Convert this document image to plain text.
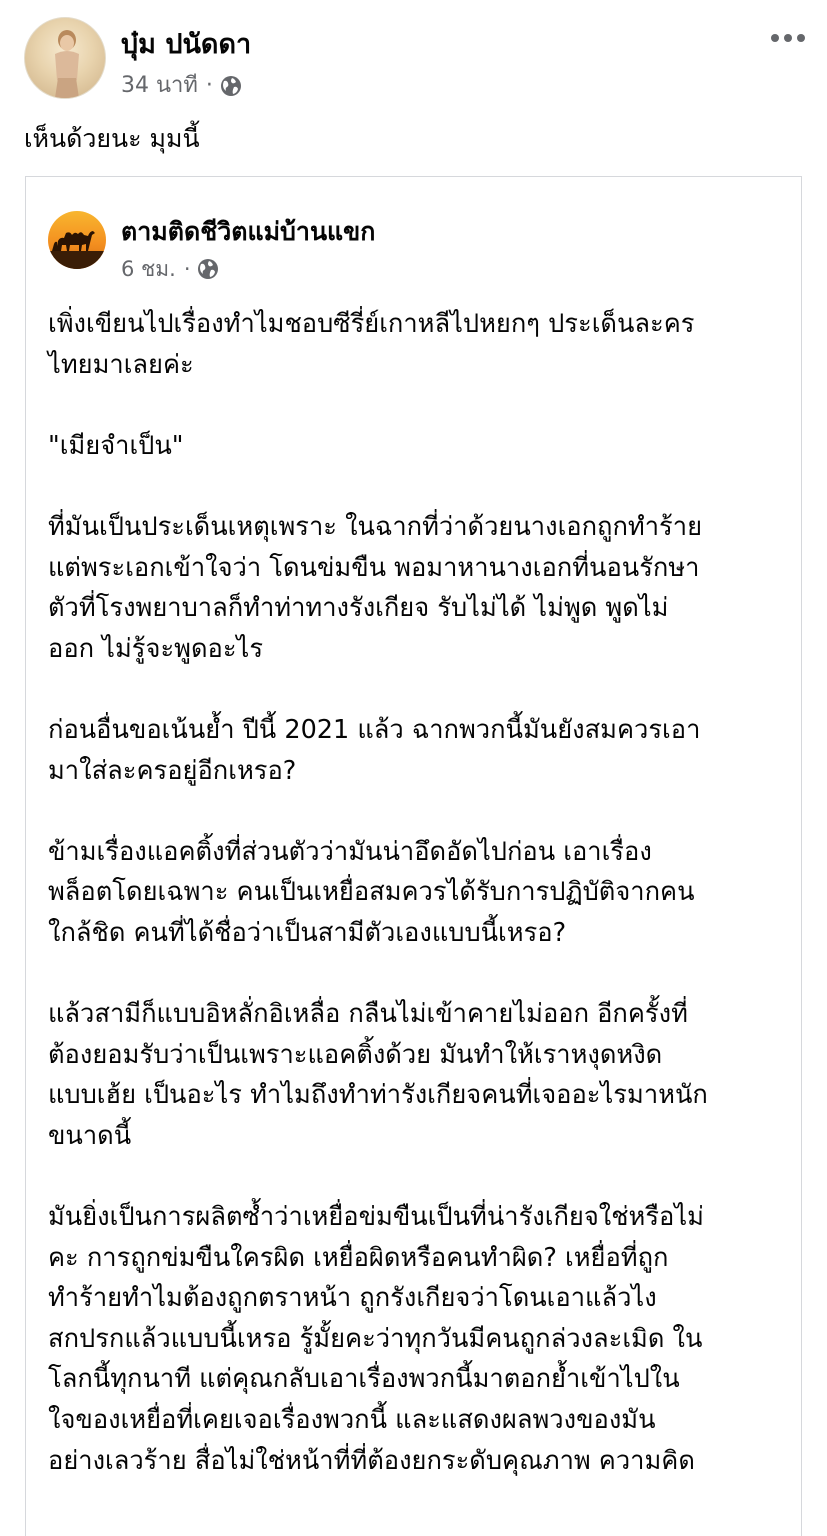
บุ๋ม ปนัดดา
34 นาที ·
เห็นด้วยนะ มุมนี้
ตามติดชีวิตแม่บ้านแขก
6 ชม. ·

เพิ่งเขียนไปเรื่องทำไมชอบซีรี่ย์เกาหลีไปหยกๆ ประเด็นละคร

ไทยมาเลยค่ะ

"เมียจำเป็น"

ที่มันเป็นประเด็นเหตุเพราะ ในฉากที่ว่าด้วยนางเอกถูกทำร้าย

แต่พระเอกเข้าใจว่า โดนข่มขืน พอมาหานางเอกที่นอนรักษา

ตัวที่โรงพยาบาลก็ทำท่าทางรังเกียจ รับไม่ได้ ไม่พูด พูดไม่

ออก ไม่รู้จะพูดอะไร

ก่อนอื่นขอเน้นย้ำ ปีนี้ 2021 แล้ว ฉากพวกนี้มันยังสมควรเอา

มาใส่ละครอยู่อีกเหรอ?

ข้ามเรื่องแอคติ้งที่ส่วนตัวว่ามันน่าอึดอัดไปก่อน เอาเรื่อง

พล็อตโดยเฉพาะ คนเป็นเหยื่อสมควรได้รับการปฏิบัติจากคน

ใกล้ชิด คนที่ได้ชื่อว่าเป็นสามีตัวเองแบบนี้เหรอ?

แล้วสามีก็แบบอิหลั่กอิเหลื่อ กลืนไม่เข้าคายไม่ออก อีกครั้งที่

ต้องยอมรับว่าเป็นเพราะแอคติ้งด้วย มันทำให้เราหงุดหงิด

แบบเฮ้ย เป็นอะไร ทำไมถึงทำท่ารังเกียจคนที่เจออะไรมาหนัก

ขนาดนี้

มันยิ่งเป็นการผลิตซ้ำว่าเหยื่อข่มขืนเป็นที่น่ารังเกียจใช่หรือไม่

คะ การถูกข่มขืนใครผิด เหยื่อผิดหรือคนทำผิด? เหยื่อที่ถูก

ทำร้ายทำไมต้องถูกตราหน้า ถูกรังเกียจว่าโดนเอาแล้วไง

สกปรกแล้วแบบนี้เหรอ รู้มั้ยคะว่าทุกวันมีคนถูกล่วงละเมิด ใน

โลกนี้ทุกนาที แต่คุณกลับเอาเรื่องพวกนี้มาตอกย้ำเข้าไปใน

ใจของเหยื่อที่เคยเจอเรื่องพวกนี้ และแสดงผลพวงของมัน

อย่างเลวร้าย สื่อไม่ใช่หน้าที่ที่ต้องยกระดับคุณภาพ ความคิด
